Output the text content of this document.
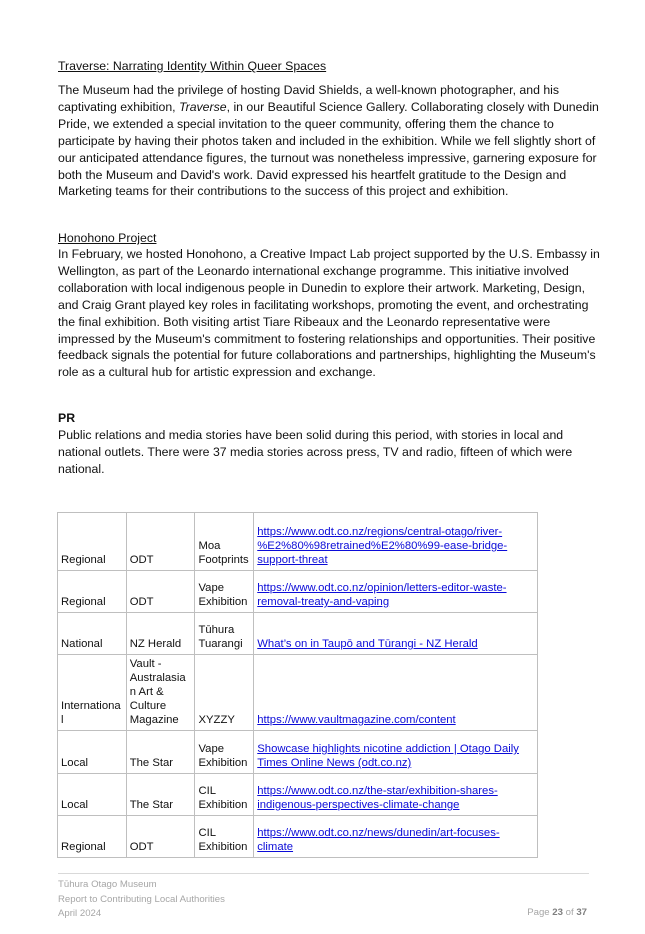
Traverse: Narrating Identity Within Queer Spaces
The Museum had the privilege of hosting David Shields, a well-known photographer, and his
captivating exhibition, Traverse, in our Beautiful Science Gallery. Collaborating closely with Dunedin
Pride, we extended a special invitation to the queer community, offering them the chance to
participate by having their photos taken and included in the exhibition. While we fell slightly short of
our anticipated attendance figures, the turnout was nonetheless impressive, garnering exposure for
both the Museum and David's work. David expressed his heartfelt gratitude to the Design and
Marketing teams for their contributions to the success of this project and exhibition.
Honohono Project
In February, we hosted Honohono, a Creative Impact Lab project supported by the U.S. Embassy in
Wellington, as part of the Leonardo international exchange programme. This initiative involved
collaboration with local indigenous people in Dunedin to explore their artwork. Marketing, Design,
and Craig Grant played key roles in facilitating workshops, promoting the event, and orchestrating
the final exhibition. Both visiting artist Tiare Ribeaux and the Leonardo representative were
impressed by the Museum's commitment to fostering relationships and opportunities. Their positive
feedback signals the potential for future collaborations and partnerships, highlighting the Museum's
role as a cultural hub for artistic expression and exchange.
PR
Public relations and media stories have been solid during this period, with stories in local and
national outlets. There were 37 media stories across press, TV and radio, fifteen of which were
national.
Regional	ODT	Moa Footprints	https://www.odt.co.nz/regions/central-otago/river-%E2%80%98retrained%E2%80%99-ease-bridge-support-threat
Regional	ODT	Vape Exhibition	https://www.odt.co.nz/opinion/letters-editor-waste-removal-treaty-and-vaping
National	NZ Herald	Tūhura Tuarangi	What’s on in Taupō and Tūrangi - NZ Herald
International	Vault - Australasian Art & Culture Magazine	XYZZY	https://www.vaultmagazine.com/content
Local	The Star	Vape Exhibition	Showcase highlights nicotine addiction | Otago Daily Times Online News (odt.co.nz)
Local	The Star	CIL Exhibition	https://www.odt.co.nz/the-star/exhibition-shares-indigenous-perspectives-climate-change
Regional	ODT	CIL Exhibition	https://www.odt.co.nz/news/dunedin/art-focuses-climate
Tūhura Otago Museum
Report to Contributing Local Authorities
April 2024	Page 23 of 37
